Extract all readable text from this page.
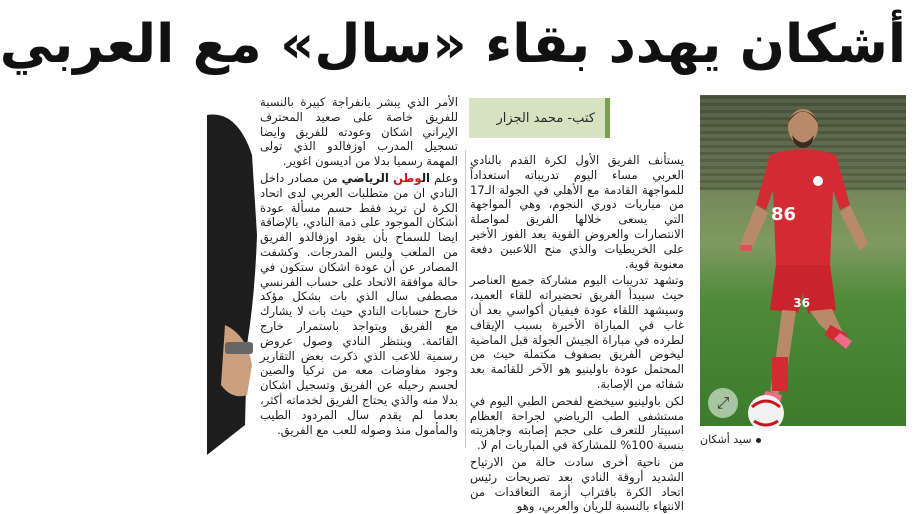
أشكان يهدد بقاء «سال» مع العربي

الأمر الذي يبشر بانفراجة كبيرة بالنسبة للفريق خاصة على صعيد المحترف الإيراني اشكان وعودته للفريق وايضا تسجيل المدرب اوزفالدو الذي تولى المهمة رسميا بدلا من اديسون اغوير.

وعلم الوطن الرياضي من مصادر داخل النادي ان من متطلبات العربي لدى اتحاد الكرة لن تريد فقط حسم مسألة عودة أشكان الموجود على ذمة النادي، بالإضافة ايضا للسماح بأن يقود اوزفالدو الفريق من الملعب وليس المدرجات. وكشفت المصادر عن أن عودة اشكان ستكون في حالة موافقة الاتحاد على حساب الفرنسي مصطفى سال الذي بات بشكل مؤكد خارج حسابات النادي حيث بات لا يشارك مع الفريق ويتواجد باستمرار خارج القائمة. وينتظر النادي وصول عروض رسمية للاعب الذي ذكرت بعض التقارير وجود مفاوضات معه من تركيا والصين لحسم رحيله عن الفريق وتسجيل اشكان بدلا منه والذي يحتاج الفريق لخدماته أكثر، بعدما لم يقدم سال المردود الطيب والمأمول منذ وصوله للعب مع الفريق.

كتب- محمد الجزار

يستأنف الفريق الأول لكرة القدم بالنادي العربي مساء اليوم تدريباته استعداداً للمواجهة القادمة مع الأهلي في الجولة الـ17 من مباريات دوري النجوم، وهي المواجهة التي يسعى خلالها الفريق لمواصلة الانتصارات والعروض القوية بعد الفوز الأخير على الخريطيات والذي منح اللاعبين دفعة معنوية قوية.

وتشهد تدريبات اليوم مشاركة جميع العناصر حيث سيبدأ الفريق تحضيراته للقاء العميد، وسيشهد اللقاء عودة فيفيان أكواسي بعد أن غاب في المباراة الأخيرة بسبب الإيقاف لطرده في مباراة الجيش الجولة قبل الماضية ليخوض الفريق بصفوف مكتملة حيث من المحتمل عودة باولينيو هو الآخر للقائمة بعد شفائه من الإصابة.

لكن باولينيو سيخضع لفحص الطبي اليوم في مستشفى الطب الرياضي لجراحة العظام اسبيتار للتعرف على حجم إصابته وجاهزيته بنسبة 100% للمشاركة في المباريات ام لا.

من ناحية أخرى سادت حالة من الارتياح الشديد أروقة النادي بعد تصريحات رئيس اتحاد الكرة باقتراب أزمة التعاقدات من الانتهاء بالنسبة للريان والعربي، وهو

86
36
⤢
سيد أشكان
